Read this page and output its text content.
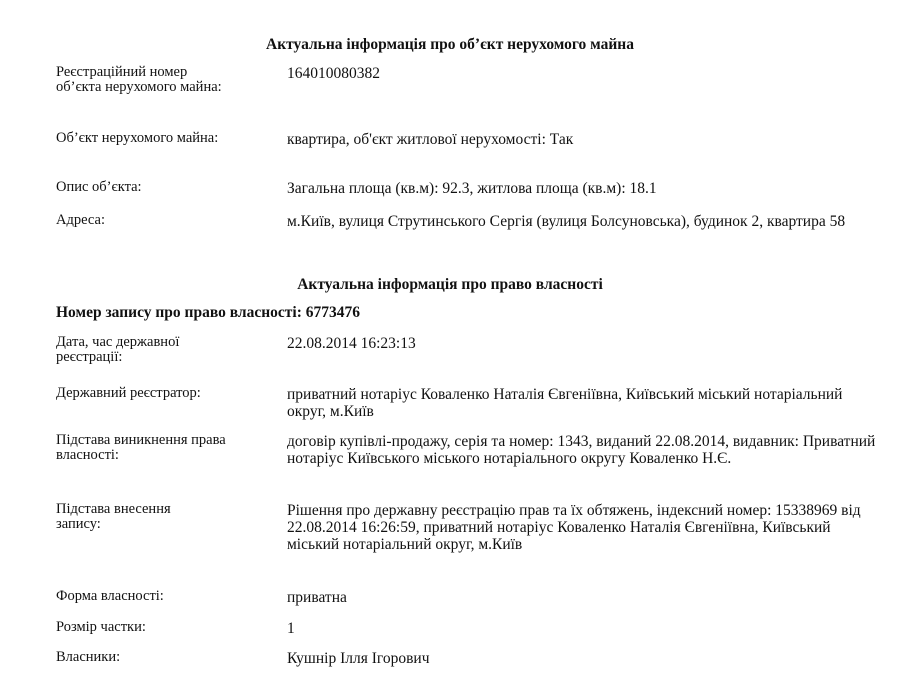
Актуальна інформація про об’єкт нерухомого майна
Реєстраційний номер об’єкта нерухомого майна:
164010080382
Об’єкт нерухомого майна:	квартира, об'єкт житлової нерухомості: Так
Опис об’єкта:	Загальна площа (кв.м): 92.3, житлова площа (кв.м): 18.1
Адреса:	м.Київ, вулиця Струтинського Сергія (вулиця Болсуновська), будинок 2, квартира 58
Актуальна інформація про право власності
Номер запису про право власності: 6773476
Дата, час державної реєстрації:
22.08.2014 16:23:13
Державний реєстратор:	приватний нотаріус Коваленко Наталія Євгеніївна, Київський міський нотаріальний округ, м.Київ
Підстава виникнення права власності:
договір купівлі-продажу, серія та номер: 1343, виданий 22.08.2014, видавник: Приватний нотаріус Київського міського нотаріального округу Коваленко Н.Є.
Підстава внесення запису:
Рішення про державну реєстрацію прав та їх обтяжень, індексний номер: 15338969 від 22.08.2014 16:26:59, приватний нотаріус Коваленко Наталія Євгеніївна, Київський міський нотаріальний округ, м.Київ
Форма власності:	приватна
Розмір частки:	1
Власники:	Кушнір Ілля Ігорович
